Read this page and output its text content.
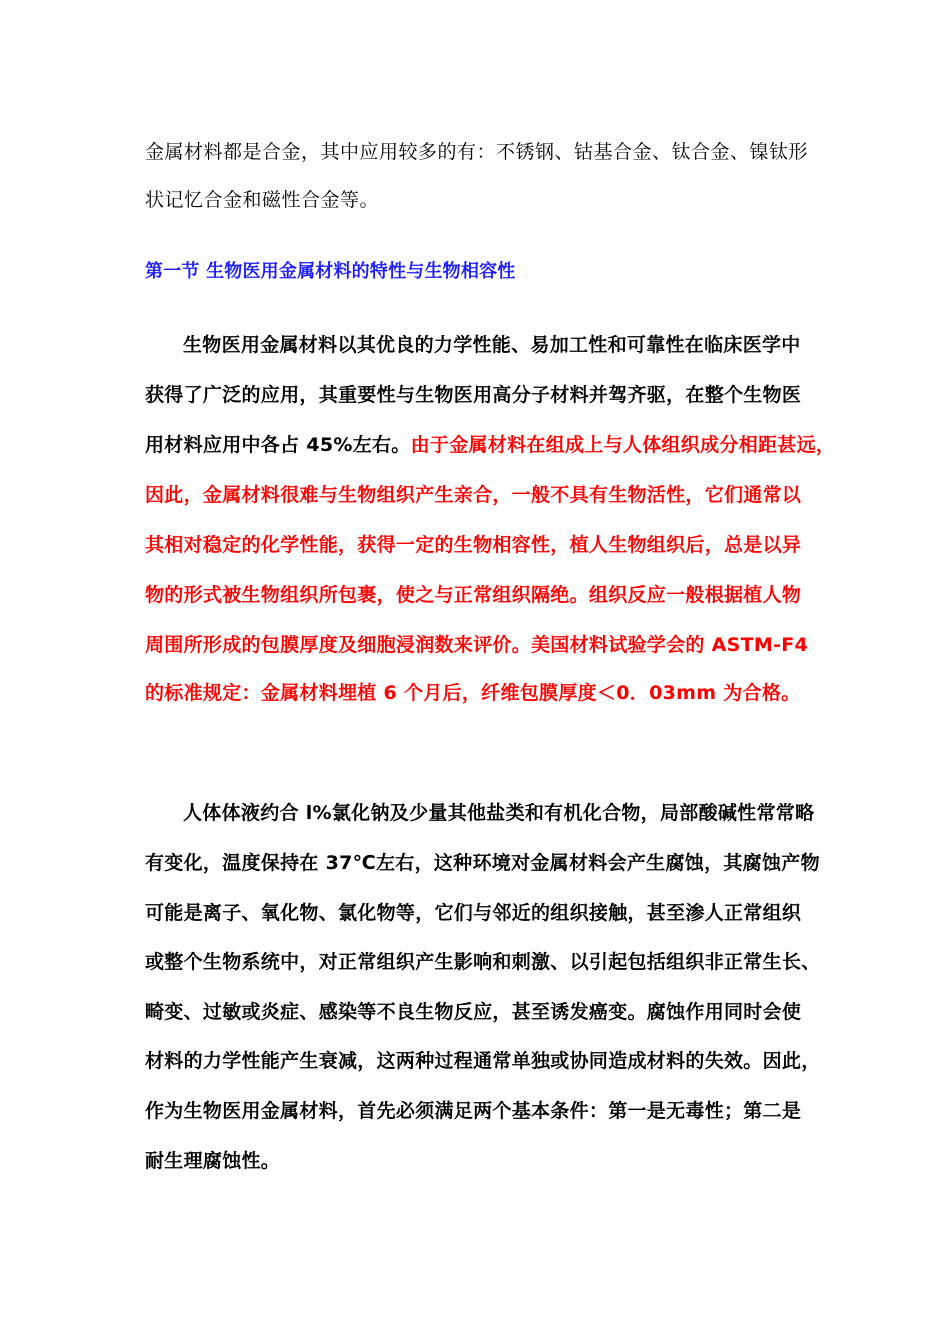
金属材料都是合金，其中应用较多的有：不锈钢、钴基合金、钛合金、镍钛形
状记忆合金和磁性合金等。
第一节 生物医用金属材料的特性与生物相容性
生物医用金属材料以其优良的力学性能、易加工性和可靠性在临床医学中
获得了广泛的应用，其重要性与生物医用高分子材料并驾齐驱，在整个生物医
用材料应用中各占 45%左右。由于金属材料在组成上与人体组织成分相距甚远，
因此，金属材料很难与生物组织产生亲合，一般不具有生物活性，它们通常以
其相对稳定的化学性能，获得一定的生物相容性，植人生物组织后，总是以异
物的形式被生物组织所包裹，使之与正常组织隔绝。组织反应一般根据植人物
周围所形成的包膜厚度及细胞浸润数来评价。美国材料试验学会的 ASTM-F4
的标准规定：金属材料埋植 6 个月后，纤维包膜厚度＜0．03mm 为合格。
人体体液约合 l%氯化钠及少量其他盐类和有机化合物，局部酸碱性常常略
有变化，温度保持在 37℃左右，这种环境对金属材料会产生腐蚀，其腐蚀产物
可能是离子、氧化物、氯化物等，它们与邻近的组织接触，甚至渗人正常组织
或整个生物系统中，对正常组织产生影响和刺激、以引起包括组织非正常生长、
畸变、过敏或炎症、感染等不良生物反应，甚至诱发癌变。腐蚀作用同时会使
材料的力学性能产生衰减，这两种过程通常单独或协同造成材料的失效。因此，
作为生物医用金属材料，首先必须满足两个基本条件：第一是无毒性；第二是
耐生理腐蚀性。
